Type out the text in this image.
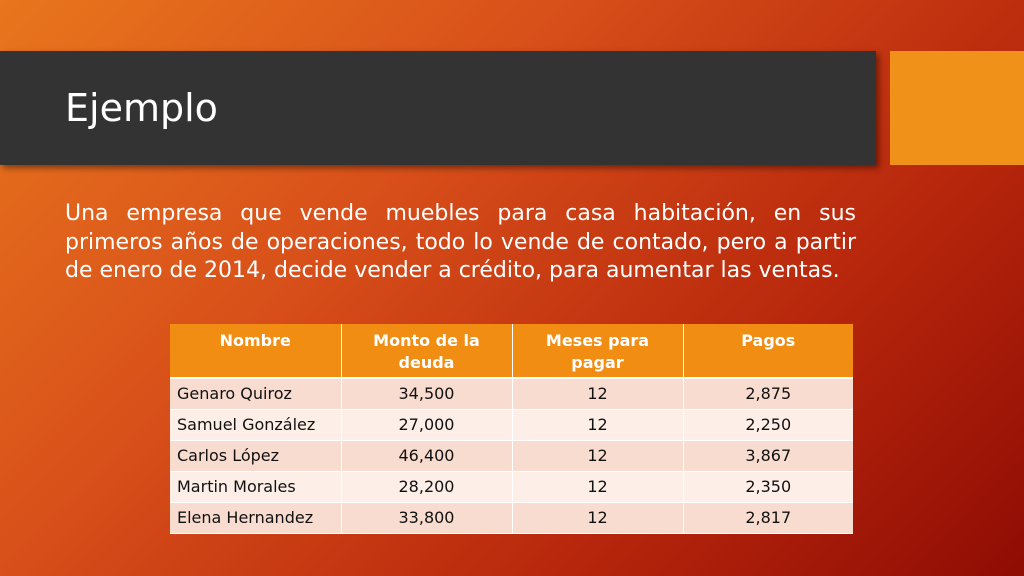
Ejemplo
Una empresa que vende muebles para casa habitación, en sus primeros años de operaciones, todo lo vende de contado, pero a partir de enero de 2014, decide vender a crédito, para aumentar las ventas.
Nombre	Monto de la deuda	Meses para pagar	Pagos
Genaro Quiroz	34,500	12	2,875
Samuel González	27,000	12	2,250
Carlos López	46,400	12	3,867
Martin Morales	28,200	12	2,350
Elena Hernandez	33,800	12	2,817
